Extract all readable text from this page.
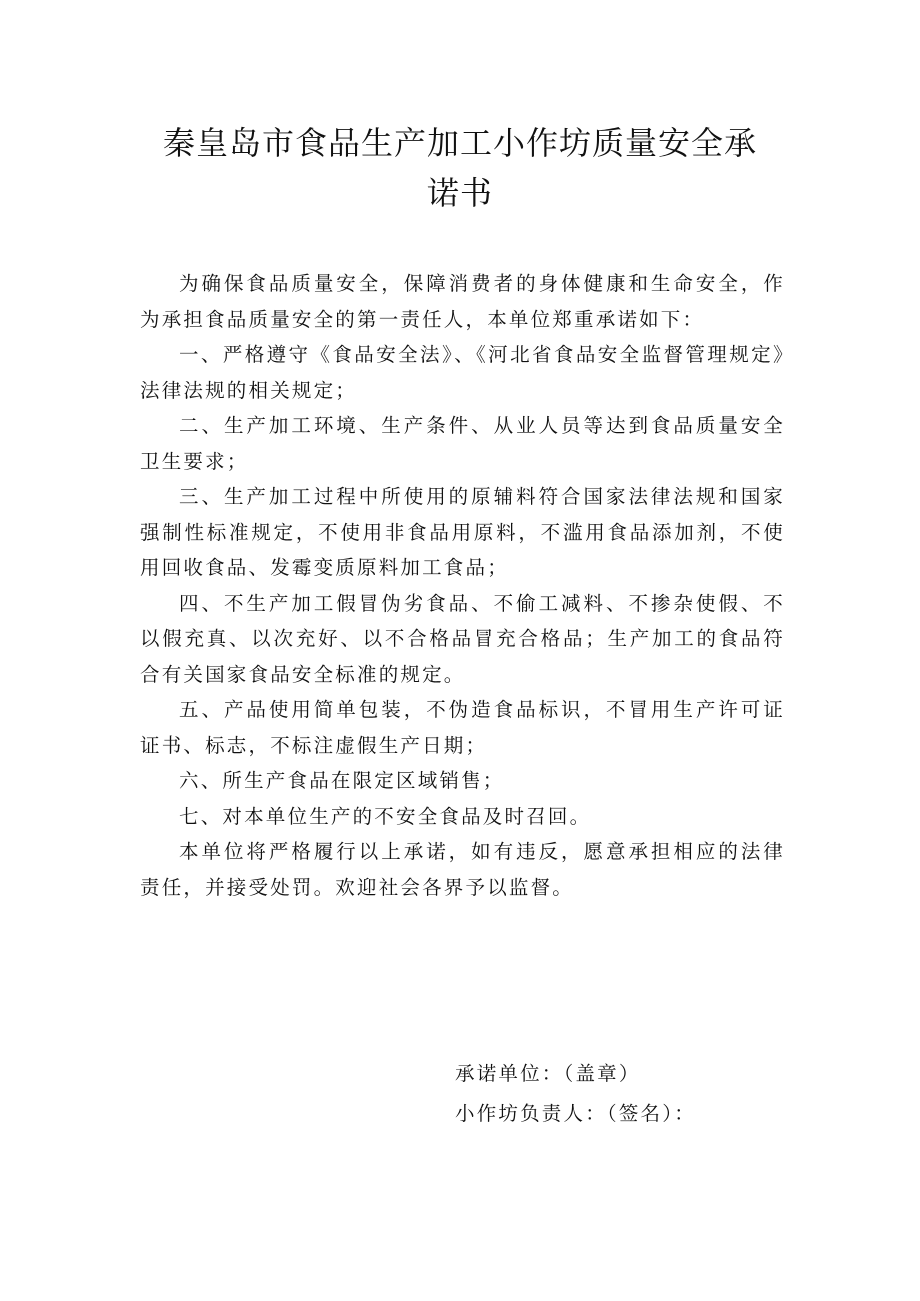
秦皇岛市食品生产加工小作坊质量安全承
诺书

为确保食品质量安全，保障消费者的身体健康和生命安全，作为承担食品质量安全的第一责任人，本单位郑重承诺如下：

一、严格遵守《食品安全法》、《河北省食品安全监督管理规定》法律法规的相关规定；

二、生产加工环境、生产条件、从业人员等达到食品质量安全卫生要求；

三、生产加工过程中所使用的原辅料符合国家法律法规和国家强制性标准规定，不使用非食品用原料，不滥用食品添加剂，不使用回收食品、发霉变质原料加工食品；

四、不生产加工假冒伪劣食品、不偷工减料、不掺杂使假、不以假充真、以次充好、以不合格品冒充合格品；生产加工的食品符合有关国家食品安全标准的规定。

五、产品使用简单包装，不伪造食品标识，不冒用生产许可证证书、标志，不标注虚假生产日期；

六、所生产食品在限定区域销售；

七、对本单位生产的不安全食品及时召回。

本单位将严格履行以上承诺，如有违反，愿意承担相应的法律责任，并接受处罚。欢迎社会各界予以监督。

承诺单位：（盖章）

小作坊负责人：（签名）：
